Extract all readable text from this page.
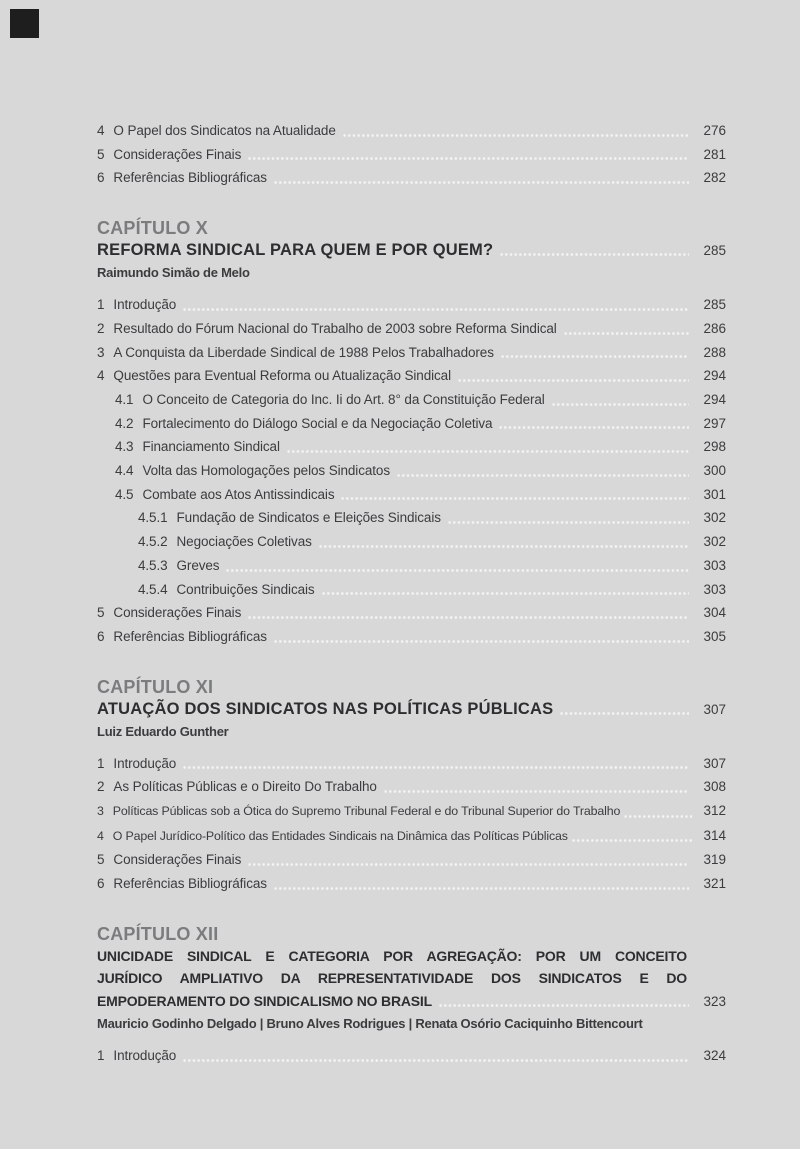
4 O Papel dos Sindicatos na Atualidade	276
5 Considerações Finais	281
6 Referências Bibliográficas	282
CAPÍTULO X
REFORMA SINDICAL PARA QUEM E POR QUEM?	285
Raimundo Simão de Melo
1 Introdução	285
2 Resultado do Fórum Nacional do Trabalho de 2003 sobre Reforma Sindical	286
3 A Conquista da Liberdade Sindical de 1988 Pelos Trabalhadores	288
4 Questões para Eventual Reforma ou Atualização Sindical	294
4.1 O Conceito de Categoria do Inc. Ii do Art. 8° da Constituição Federal	294
4.2 Fortalecimento do Diálogo Social e da Negociação Coletiva	297
4.3 Financiamento Sindical	298
4.4 Volta das Homologações pelos Sindicatos	300
4.5 Combate aos Atos Antissindicais	301
4.5.1 Fundação de Sindicatos e Eleições Sindicais	302
4.5.2 Negociações Coletivas	302
4.5.3 Greves	303
4.5.4 Contribuições Sindicais	303
5 Considerações Finais	304
6 Referências Bibliográficas	305
CAPÍTULO XI
ATUAÇÃO DOS SINDICATOS NAS POLÍTICAS PÚBLICAS	307
Luiz Eduardo Gunther
1 Introdução	307
2 As Políticas Públicas e o Direito Do Trabalho	308
3 Políticas Públicas sob a Ótica do Supremo Tribunal Federal e do Tribunal Superior do Trabalho	312
4 O Papel Jurídico-Político das Entidades Sindicais na Dinâmica das Políticas Públicas	314
5 Considerações Finais	319
6 Referências Bibliográficas	321
CAPÍTULO XII
UNICIDADE SINDICAL E CATEGORIA POR AGREGAÇÃO: POR UM CONCEITO
JURÍDICO AMPLIATIVO DA REPRESENTATIVIDADE DOS SINDICATOS E DO
EMPODERAMENTO DO SINDICALISMO NO BRASIL	323
Mauricio Godinho Delgado | Bruno Alves Rodrigues | Renata Osório Caciquinho Bittencourt
1 Introdução	324
